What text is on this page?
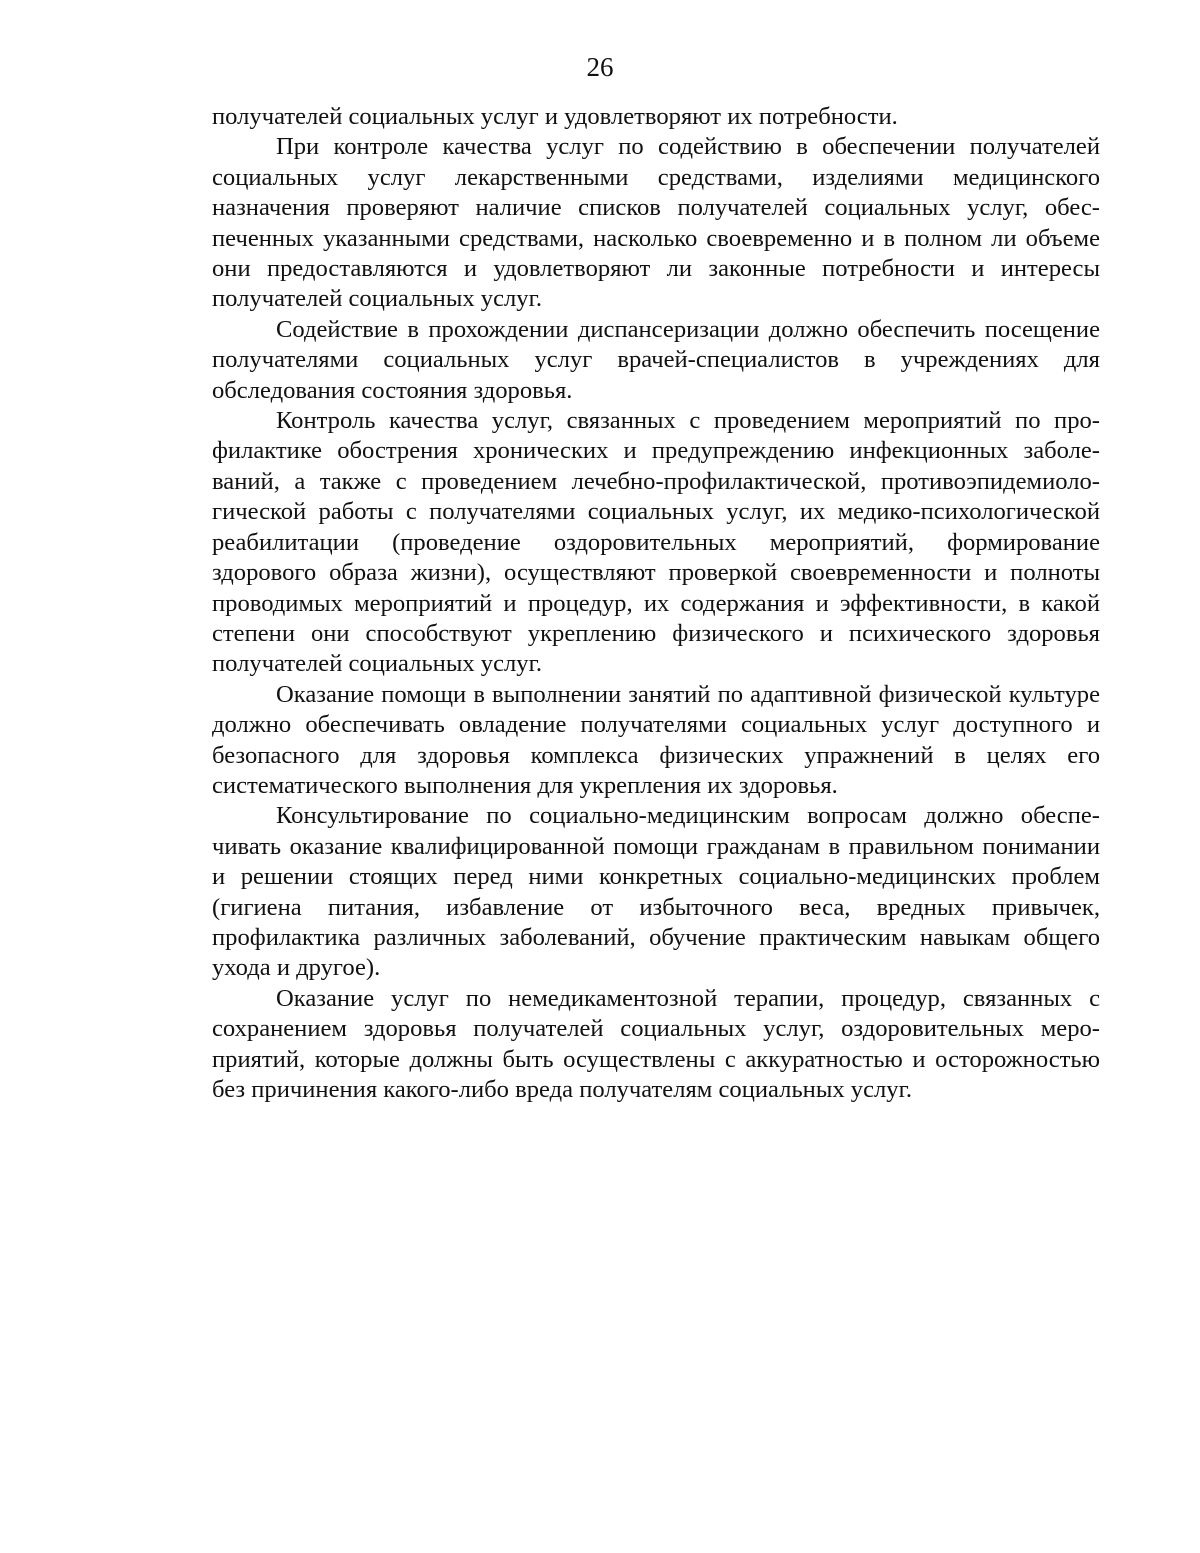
26

получателей социальных услуг и удовлетворяют их потребности.

При контроле качества услуг по содействию в обеспечении получателей социальных услуг лекарственными средствами, изделиями медицинского назначения проверяют наличие списков получателей социальных услуг, обеспеченных указанными средствами, насколько своевременно и в полном ли объеме они предоставляются и удовлетворяют ли законные потребности и интересы получателей социальных услуг.

Содействие в прохождении диспансеризации должно обеспечить посещение получателями социальных услуг врачей-специалистов в учреждениях для обследования состояния здоровья.

Контроль качества услуг, связанных с проведением мероприятий по профилактике обострения хронических и предупреждению инфекционных заболеваний, а также с проведением лечебно-профилактической, противоэпидемиологической работы с получателями социальных услуг, их медико-психологической реабилитации (проведение оздоровительных мероприятий, формирование здорового образа жизни), осуществляют проверкой своевременности и полноты проводимых мероприятий и процедур, их содержания и эффективности, в какой степени они способствуют укреплению физического и психического здоровья получателей социальных услуг.

Оказание помощи в выполнении занятий по адаптивной физической культуре должно обеспечивать овладение получателями социальных услуг доступного и безопасного для здоровья комплекса физических упражнений в целях его систематического выполнения для укрепления их здоровья.

Консультирование по социально-медицинским вопросам должно обеспечивать оказание квалифицированной помощи гражданам в правильном понимании и решении стоящих перед ними конкретных социально-медицинских проблем (гигиена питания, избавление от избыточного веса, вредных привычек, профилактика различных заболеваний, обучение практическим навыкам общего ухода и другое).

Оказание услуг по немедикаментозной терапии, процедур, связанных с сохранением здоровья получателей социальных услуг, оздоровительных мероприятий, которые должны быть осуществлены с аккуратностью и осторожностью без причинения какого-либо вреда получателям социальных услуг.
